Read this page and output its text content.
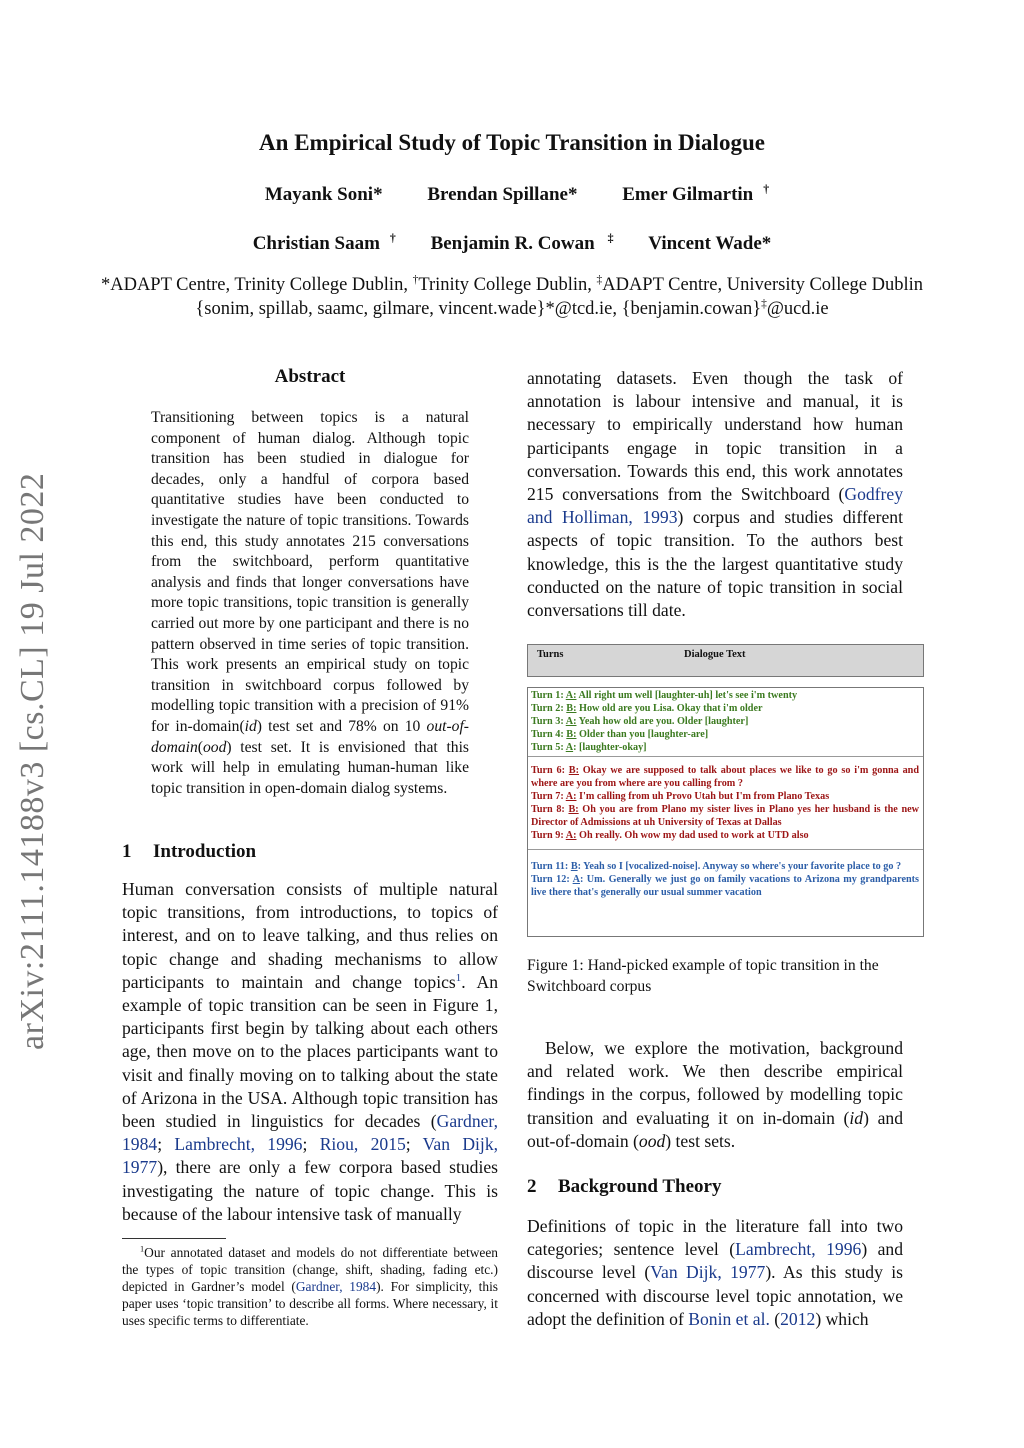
An Empirical Study of Topic Transition in Dialogue
Mayank Soni* Brendan Spillane* Emer Gilmartin †
Christian Saam † Benjamin R. Cowan ‡ Vincent Wade*
*ADAPT Centre, Trinity College Dublin, †Trinity College Dublin, ‡ADAPT Centre, University College Dublin
{sonim, spillab, saamc, gilmare, vincent.wade}*@tcd.ie, {benjamin.cowan}‡@ucd.ie
arXiv:2111.14188v3 [cs.CL] 19 Jul 2022
Abstract
Transitioning between topics is a natural component of human dialog. Although topic transition has been studied in dialogue for decades, only a handful of corpora based quantitative studies have been conducted to investigate the nature of topic transitions. Towards this end, this study annotates 215 conversations from the switchboard, perform quantitative analysis and finds that longer conversations have more topic transitions, topic transition is generally carried out more by one participant and there is no pattern observed in time series of topic transition. This work presents an empirical study on topic transition in switchboard corpus followed by modelling topic transition with a precision of 91% for in-domain(id) test set and 78% on 10 out-of-domain(ood) test set. It is envisioned that this work will help in emulating human-human like topic transition in open-domain dialog systems.
1 Introduction
Human conversation consists of multiple natural topic transitions, from introductions, to topics of interest, and on to leave talking, and thus relies on topic change and shading mechanisms to allow participants to maintain and change topics$^1$. An example of topic transition can be seen in Figure 1, participants first begin by talking about each others age, then move on to the places participants want to visit and finally moving on to talking about the state of Arizona in the USA. Although topic transition has been studied in linguistics for decades (Gardner, 1984; Lambrecht, 1996; Riou, 2015; Van Dijk, 1977), there are only a few corpora based studies investigating the nature of topic change. This is because of the labour intensive task of manually
$^1$Our annotated dataset and models do not differentiate between the types of topic transition (change, shift, shading, fading etc.) depicted in Gardner’s model (Gardner, 1984). For simplicity, this paper uses ‘topic transition’ to describe all forms. Where necessary, it uses specific terms to differentiate.
annotating datasets. Even though the task of annotation is labour intensive and manual, it is necessary to empirically understand how human participants engage in topic transition in a conversation. Towards this end, this work annotates 215 conversations from the Switchboard (Godfrey and Holliman, 1993) corpus and studies different aspects of topic transition. To the authors best knowledge, this is the the largest quantitative study conducted on the nature of topic transition in social conversations till date.
Turns	Dialogue Text
Turn 1: A: All right um well [laughter-uh] let's see i'm twenty
Turn 2: B: How old are you Lisa. Okay that i'm older
Turn 3: A: Yeah how old are you. Older [laughter]
Turn 4: B: Older than you [laughter-are]
Turn 5: A: [laughter-okay]
Turn 6: B: Okay we are supposed to talk about places we like to go so i'm gonna and where are you from where are you calling from ?
Turn 7: A: I'm calling from uh Provo Utah but I'm from Plano Texas
Turn 8: B: Oh you are from Plano my sister lives in Plano yes her husband is the new Director of Admissions at uh University of Texas at Dallas
Turn 9: A: Oh really. Oh wow my dad used to work at UTD also
Turn 11: B: Yeah so I [vocalized-noise]. Anyway so where's your favorite place to go ?
Turn 12: A: Um. Generally we just go on family vacations to Arizona my grandparents live there that's generally our usual summer vacation
Figure 1: Hand-picked example of topic transition in the Switchboard corpus
Below, we explore the motivation, background and related work. We then describe empirical findings in the corpus, followed by modelling topic transition and evaluating it on in-domain (id) and out-of-domain (ood) test sets.
2 Background Theory
Definitions of topic in the literature fall into two categories; sentence level (Lambrecht, 1996) and discourse level (Van Dijk, 1977). As this study is concerned with discourse level topic annotation, we adopt the definition of Bonin et al. (2012) which
